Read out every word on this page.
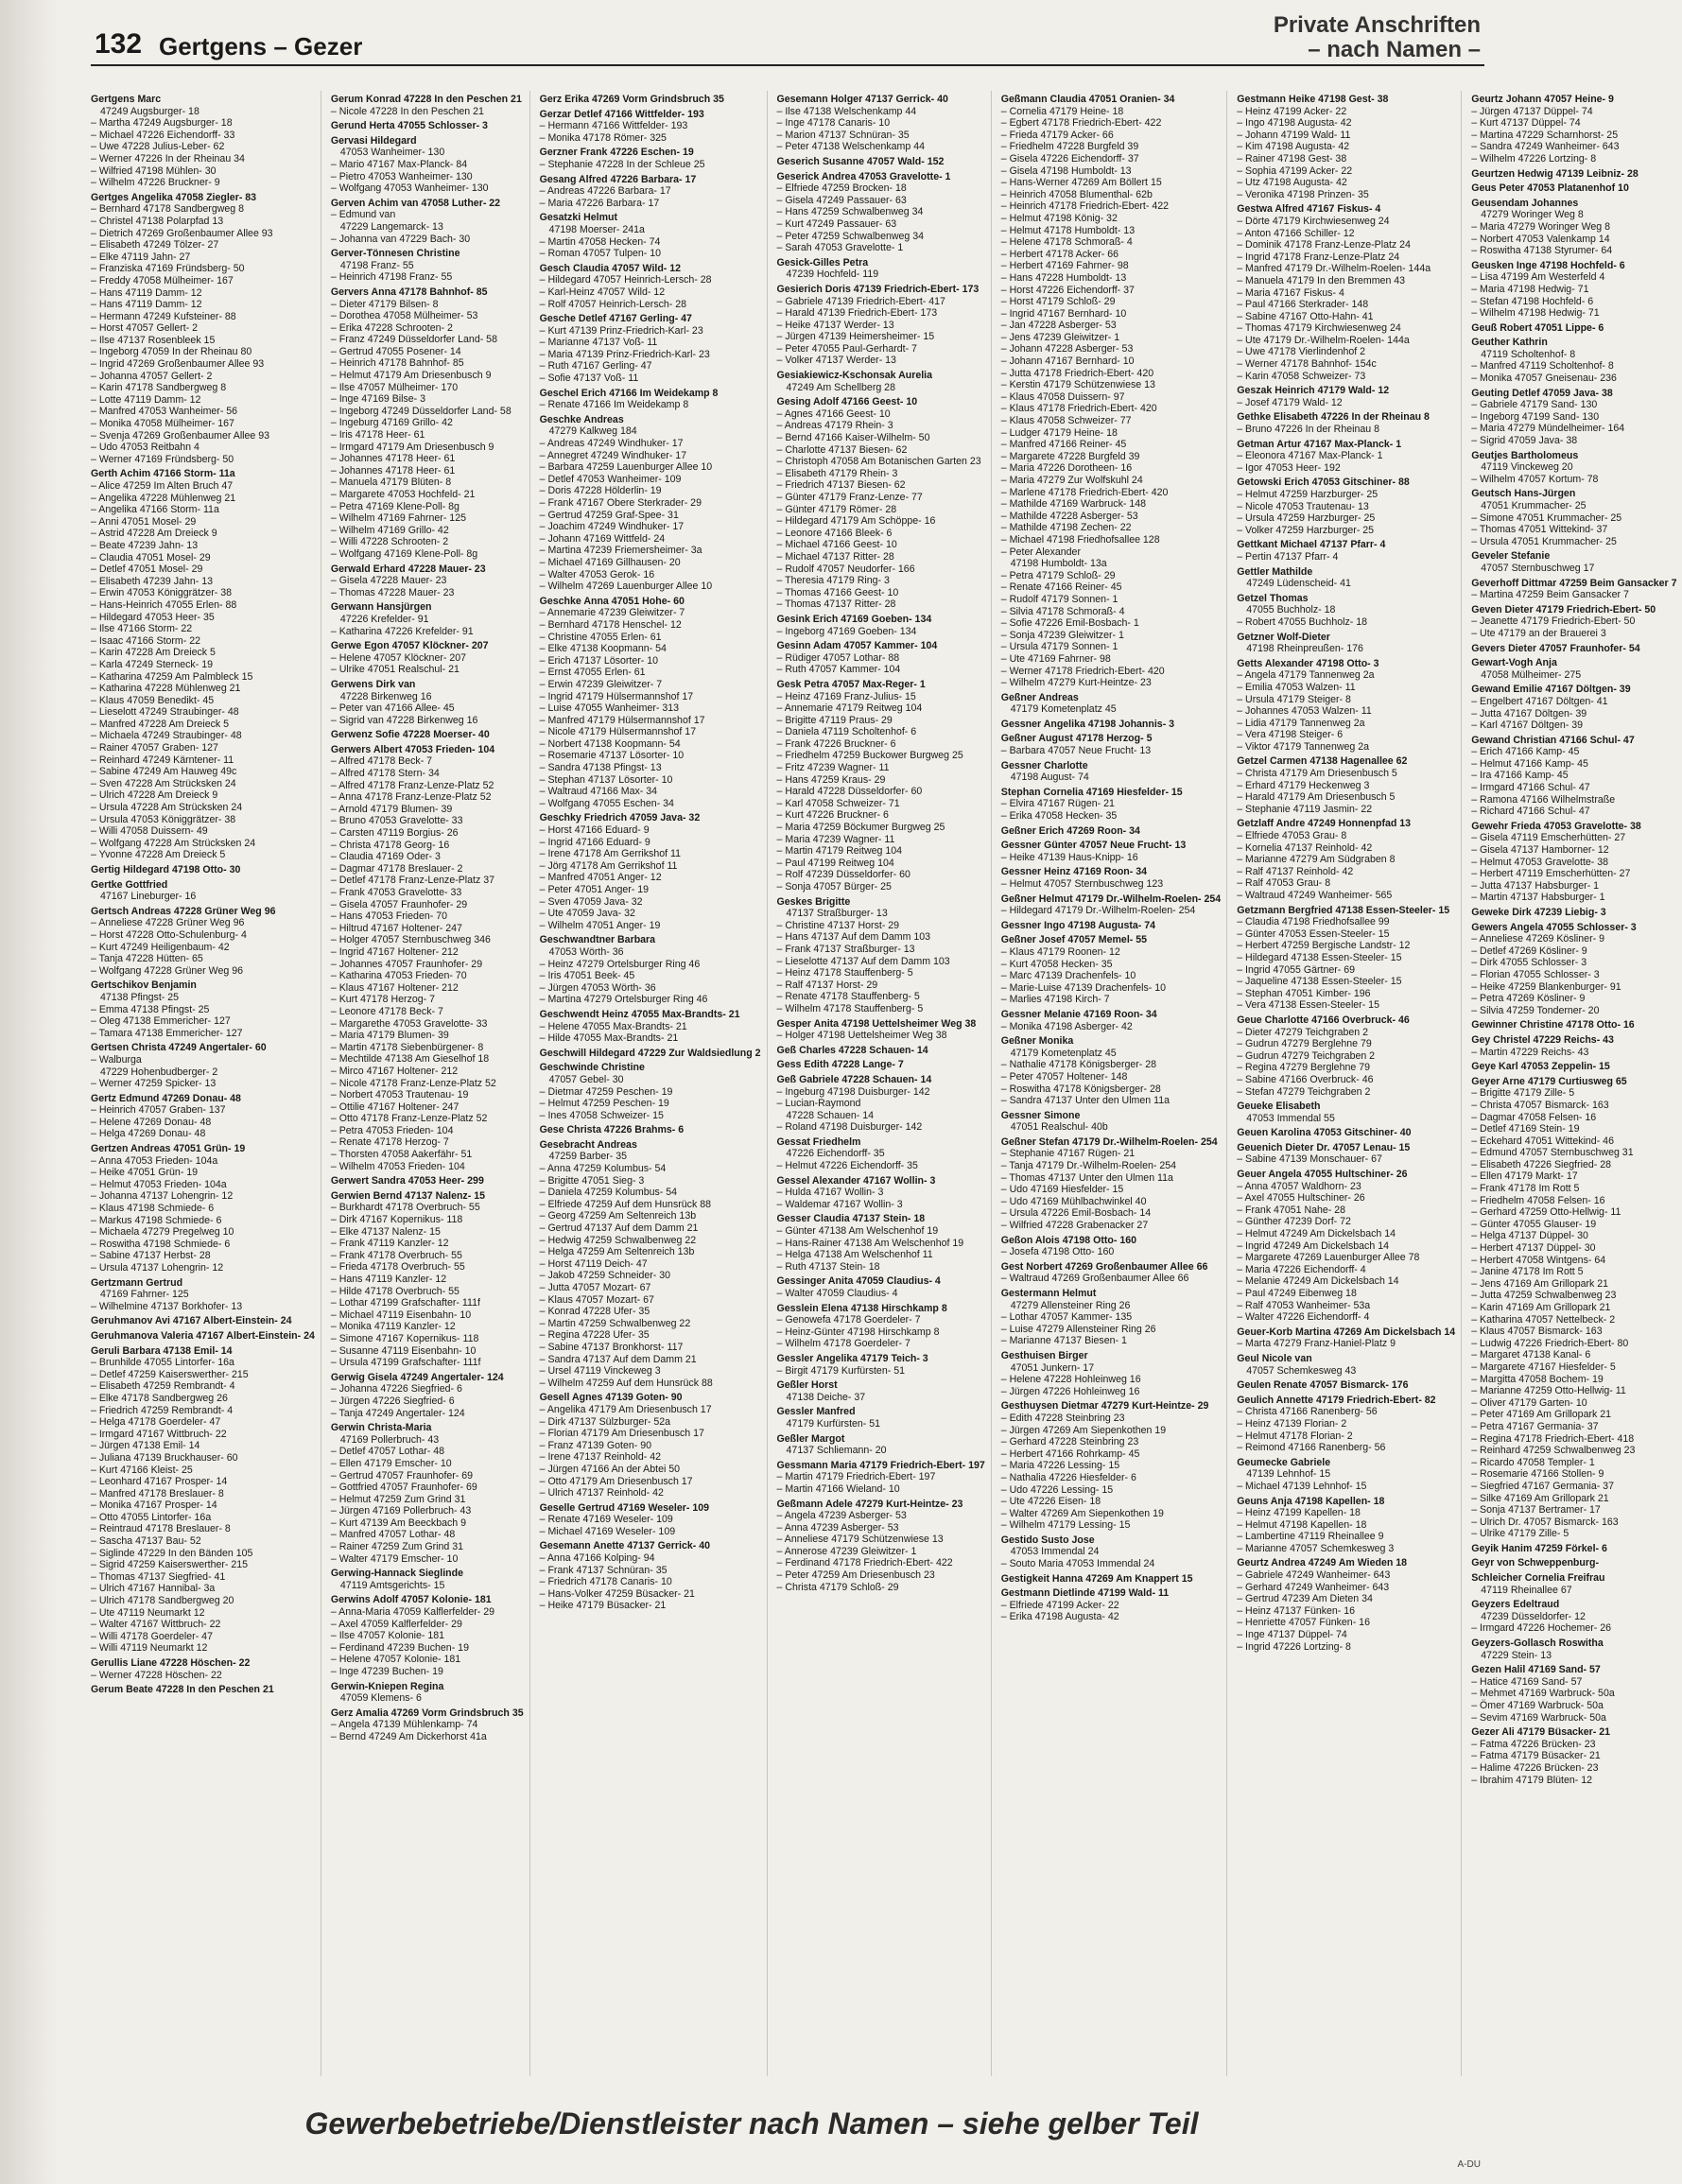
132 Gertgens – Gezer
Private Anschriften
– nach Namen –
Gertgens Marc
47249 Augsburger- 18
– Martha 47249 Augsburger- 18
– Michael 47226 Eichendorff- 33
– Uwe 47228 Julius-Leber- 62
– Werner 47226 In der Rheinau 34
– Wilfried 47198 Mühlen- 30
– Wilhelm 47226 Bruckner- 9
Gertges Angelika 47058 Ziegler- 83
– Bernhard 47178 Sandbergweg 8
– Christel 47138 Polarpfad 13
– Dietrich 47269 Großenbaumer Allee 93
– Elisabeth 47249 Tölzer- 27
– Elke 47119 Jahn- 27
– Franziska 47169 Fründsberg- 50
– Freddy 47058 Mülheimer- 167
– Hans 47119 Damm- 12
– Hans 47119 Damm- 12
– Hermann 47249 Kufsteiner- 88
– Horst 47057 Gellert- 2
– Ilse 47137 Rosenbleek 15
– Ingeborg 47059 In der Rheinau 80
– Ingrid 47269 Großenbaumer Allee 93
– Johanna 47057 Gellert- 2
– Karin 47178 Sandbergweg 8
– Lotte 47119 Damm- 12
– Manfred 47053 Wanheimer- 56
– Monika 47058 Mülheimer- 167
– Svenja 47269 Großenbaumer Allee 93
– Udo 47053 Reitbahn 4
– Werner 47169 Fründsberg- 50
Gerth Achim 47166 Storm- 11a
– Alice 47259 Im Alten Bruch 47
– Angelika 47228 Mühlenweg 21
– Angelika 47166 Storm- 11a
– Anni 47051 Mosel- 29
– Astrid 47228 Am Dreieck 9
– Beate 47239 Jahn- 13
– Claudia 47051 Mosel- 29
– Detlef 47051 Mosel- 29
– Elisabeth 47239 Jahn- 13
– Erwin 47053 Königgrätzer- 38
– Hans-Heinrich 47055 Erlen- 88
– Hildegard 47053 Heer- 35
– Ilse 47166 Storm- 22
– Isaac 47166 Storm- 22
– Karin 47228 Am Dreieck 5
– Karla 47249 Sterneck- 19
– Katharina 47259 Am Palmbleck 15
– Katharina 47228 Mühlenweg 21
– Klaus 47059 Benedikt- 45
– Lieselott 47249 Straubinger- 48
– Manfred 47228 Am Dreieck 5
– Michaela 47249 Straubinger- 48
– Rainer 47057 Graben- 127
– Reinhard 47249 Kärntener- 11
– Sabine 47249 Am Hauweg 49c
– Sven 47228 Am Strücksken 24
– Ulrich 47228 Am Dreieck 9
– Ursula 47228 Am Strücksken 24
– Ursula 47053 Königgrätzer- 38
– Willi 47058 Duissern- 49
– Wolfgang 47228 Am Strücksken 24
– Yvonne 47228 Am Dreieck 5
Gertig Hildegard 47198 Otto- 30
Gertke Gottfried
47167 Lineburger- 16
Gertsch Andreas 47228 Grüner Weg 96
– Anneliese 47228 Grüner Weg 96
– Horst 47228 Otto-Schulenburg- 4
– Kurt 47249 Heiligenbaum- 42
– Tanja 47228 Hütten- 65
– Wolfgang 47228 Grüner Weg 96
Gertschikov Benjamin
47138 Pfingst- 25
– Emma 47138 Pfingst- 25
– Oleg 47138 Emmericher- 127
– Tamara 47138 Emmericher- 127
Gertsen Christa 47249 Angertaler- 60
– Walburga
47229 Hohenbudberger- 2
– Werner 47259 Spicker- 13
Gertz Edmund 47269 Donau- 48
– Heinrich 47057 Graben- 137
– Helene 47269 Donau- 48
– Helga 47269 Donau- 48
Gertzen Andreas 47051 Grün- 19
– Anna 47053 Frieden- 104a
– Heike 47051 Grün- 19
– Helmut 47053 Frieden- 104a
– Johanna 47137 Lohengrin- 12
– Klaus 47198 Schmiede- 6
– Markus 47198 Schmiede- 6
– Michaela 47279 Pregelweg 10
– Roswitha 47198 Schmiede- 6
– Sabine 47137 Herbst- 28
– Ursula 47137 Lohengrin- 12
Gertzmann Gertrud
47169 Fahrner- 125
– Wilhelmine 47137 Borkhofer- 13
Geruhmanov Avi 47167 Albert-Einstein- 24
Geruhmanova Valeria 47167 Albert-Einstein- 24
Geruli Barbara 47138 Emil- 14
– Brunhilde 47055 Lintorfer- 16a
– Detlef 47259 Kaiserswerther- 215
– Elisabeth 47259 Rembrandt- 4
– Elke 47178 Sandbergweg 26
– Friedrich 47259 Rembrandt- 4
– Helga 47178 Goerdeler- 47
– Irmgard 47167 Wittbruch- 22
– Jürgen 47138 Emil- 14
– Juliana 47139 Bruckhauser- 60
– Kurt 47166 Kleist- 25
– Leonhard 47167 Prosper- 14
– Manfred 47178 Breslauer- 8
– Monika 47167 Prosper- 14
– Otto 47055 Lintorfer- 16a
– Reintraud 47178 Breslauer- 8
– Sascha 47137 Bau- 52
– Siglinde 47229 In den Bänden 105
– Sigrid 47259 Kaiserswerther- 215
– Thomas 47137 Siegfried- 41
– Ulrich 47167 Hannibal- 3a
– Ulrich 47178 Sandbergweg 20
– Ute 47119 Neumarkt 12
– Walter 47167 Wittbruch- 22
– Willi 47178 Goerdeler- 47
– Willi 47119 Neumarkt 12
Gerullis Liane 47228 Höschen- 22
– Werner 47228 Höschen- 22
Gerum Beate 47228 In den Peschen 21
Gerum Konrad 47228 In den Peschen 21
– Nicole 47228 In den Peschen 21
Gerund Herta 47055 Schlosser- 3
Gervasi Hildegard
47053 Wanheimer- 130
– Mario 47167 Max-Planck- 84
– Pietro 47053 Wanheimer- 130
– Wolfgang 47053 Wanheimer- 130
Gerven Achim van 47058 Luther- 22
– Edmund van
47229 Langemarck- 13
– Johanna van 47229 Bach- 30
Gerver-Tönnesen Christine
47198 Franz- 55
– Heinrich 47198 Franz- 55
Gervers Anna 47178 Bahnhof- 85
– Dieter 47179 Bilsen- 8
– Dorothea 47058 Mülheimer- 53
– Erika 47228 Schrooten- 2
– Franz 47249 Düsseldorfer Land- 58
– Gertrud 47055 Posener- 14
– Heinrich 47178 Bahnhof- 85
– Helmut 47179 Am Driesenbusch 9
– Ilse 47057 Mülheimer- 170
– Inge 47169 Bilse- 3
– Ingeborg 47249 Düsseldorfer Land- 58
– Ingeburg 47169 Grillo- 42
– Iris 47178 Heer- 61
– Irmgard 47179 Am Driesenbusch 9
– Johannes 47178 Heer- 61
– Johannes 47178 Heer- 61
– Manuela 47179 Blüten- 8
– Margarete 47053 Hochfeld- 21
– Petra 47169 Klene-Poll- 8g
– Wilhelm 47169 Fahrner- 125
– Wilhelm 47169 Grillo- 42
– Willi 47228 Schrooten- 2
– Wolfgang 47169 Klene-Poll- 8g
Gerwald Erhard 47228 Mauer- 23
– Gisela 47228 Mauer- 23
– Thomas 47228 Mauer- 23
Gerwann Hansjürgen
47226 Krefelder- 91
– Katharina 47226 Krefelder- 91
Gerwe Egon 47057 Klöckner- 207
– Helene 47057 Klöckner- 207
– Ulrike 47051 Realschul- 21
Gerwens Dirk van
47228 Birkenweg 16
– Peter van 47166 Allee- 45
– Sigrid van 47228 Birkenweg 16
Gerwenz Sofie 47228 Moerser- 40
Gerwers Albert 47053 Frieden- 104
– Alfred 47178 Beck- 7
– Alfred 47178 Stern- 34
– Alfred 47178 Franz-Lenze-Platz 52
– Anna 47178 Franz-Lenze-Platz 52
– Arnold 47179 Blumen- 39
– Bruno 47053 Gravelotte- 33
– Carsten 47119 Borgius- 26
– Christa 47178 Georg- 16
– Claudia 47169 Oder- 3
– Dagmar 47178 Breslauer- 2
– Detlef 47178 Franz-Lenze-Platz 37
– Frank 47053 Gravelotte- 33
– Gisela 47057 Fraunhofer- 29
– Hans 47053 Frieden- 70
– Hiltrud 47167 Holtener- 247
– Holger 47057 Sternbuschweg 346
– Ingrid 47167 Holtener- 212
– Johannes 47057 Fraunhofer- 29
– Katharina 47053 Frieden- 70
– Klaus 47167 Holtener- 212
– Kurt 47178 Herzog- 7
– Leonore 47178 Beck- 7
– Margarethe 47053 Gravelotte- 33
– Maria 47179 Blumen- 39
– Martin 47178 Siebenbürgener- 8
– Mechtilde 47138 Am Gieselhof 18
– Mirco 47167 Holtener- 212
– Nicole 47178 Franz-Lenze-Platz 52
– Norbert 47053 Trautenau- 19
– Ottilie 47167 Holtener- 247
– Otto 47178 Franz-Lenze-Platz 52
– Petra 47053 Frieden- 104
– Renate 47178 Herzog- 7
– Thorsten 47058 Aakerfähr- 51
– Wilhelm 47053 Frieden- 104
Gerwert Sandra 47053 Heer- 299
Gerwien Bernd 47137 Nalenz- 15
– Burkhardt 47178 Overbruch- 55
– Dirk 47167 Kopernikus- 118
– Elke 47137 Nalenz- 15
– Frank 47119 Kanzler- 12
– Frank 47178 Overbruch- 55
– Frieda 47178 Overbruch- 55
– Hans 47119 Kanzler- 12
– Hilde 47178 Overbruch- 55
– Lothar 47199 Grafschafter- 111f
– Michael 47119 Eisenbahn- 10
– Monika 47119 Kanzler- 12
– Simone 47167 Kopernikus- 118
– Susanne 47119 Eisenbahn- 10
– Ursula 47199 Grafschafter- 111f
Gerwig Gisela 47249 Angertaler- 124
– Johanna 47226 Siegfried- 6
– Jürgen 47226 Siegfried- 6
– Tanja 47249 Angertaler- 124
Gerwin Christa-Maria
47169 Pollerbruch- 43
– Detlef 47057 Lothar- 48
– Ellen 47179 Emscher- 10
– Gertrud 47057 Fraunhofer- 69
– Gottfried 47057 Fraunhofer- 69
– Helmut 47259 Zum Grind 31
– Jürgen 47169 Pollerbruch- 43
– Kurt 47139 Am Beeckbach 9
– Manfred 47057 Lothar- 48
– Rainer 47259 Zum Grind 31
– Walter 47179 Emscher- 10
Gerwing-Hannack Sieglinde
47119 Amtsgerichts- 15
Gerwins Adolf 47057 Kolonie- 181
– Anna-Maria 47059 Kalflerfelder- 29
– Axel 47059 Kalflerfelder- 29
– Ilse 47057 Kolonie- 181
– Ferdinand 47239 Buchen- 19
– Helene 47057 Kolonie- 181
– Inge 47239 Buchen- 19
Gerwin-Kniepen Regina
47059 Klemens- 6
Gerz Amalia 47269 Vorm Grindsbruch 35
– Angela 47139 Mühlenkamp- 74
– Bernd 47249 Am Dickerhorst 41a
Gerz Erika 47269 Vorm Grindsbruch 35
Gerzar Detlef 47166 Wittfelder- 193
– Hermann 47166 Wittfelder- 193
– Monika 47178 Römer- 325
Gerzner Frank 47226 Eschen- 19
– Stephanie 47228 In der Schleue 25
Gesang Alfred 47226 Barbara- 17
– Andreas 47226 Barbara- 17
– Maria 47226 Barbara- 17
Gesatzki Helmut
47198 Moerser- 241a
– Martin 47058 Hecken- 74
– Roman 47057 Tulpen- 10
Gesch Claudia 47057 Wild- 12
– Hildegard 47057 Heinrich-Lersch- 28
– Karl-Heinz 47057 Wild- 12
– Rolf 47057 Heinrich-Lersch- 28
Gesche Detlef 47167 Gerling- 47
– Kurt 47139 Prinz-Friedrich-Karl- 23
– Marianne 47137 Voß- 11
– Maria 47139 Prinz-Friedrich-Karl- 23
– Ruth 47167 Gerling- 47
– Sofie 47137 Voß- 11
Geschel Erich 47166 Im Weidekamp 8
– Renate 47166 Im Weidekamp 8
Geschke Andreas
47279 Kalkweg 184
– Andreas 47249 Windhuker- 17
– Annegret 47249 Windhuker- 17
– Barbara 47259 Lauenburger Allee 10
– Detlef 47053 Wanheimer- 109
– Doris 47228 Hölderlin- 19
– Frank 47167 Obere Sterkrader- 29
– Gertrud 47259 Graf-Spee- 31
– Joachim 47249 Windhuker- 17
– Johann 47169 Wittfeld- 24
– Martina 47239 Friemersheimer- 3a
– Michael 47169 Gillhausen- 20
– Walter 47053 Gerok- 16
– Wilhelm 47269 Lauenburger Allee 10
Geschke Anna 47051 Hohe- 60
– Annemarie 47239 Gleiwitzer- 7
– Bernhard 47178 Henschel- 12
– Christine 47055 Erlen- 61
– Elke 47138 Koopmann- 54
– Erich 47137 Lösorter- 10
– Ernst 47055 Erlen- 61
– Erwin 47239 Gleiwitzer- 7
– Ingrid 47179 Hülsermannshof 17
– Luise 47055 Wanheimer- 313
– Manfred 47179 Hülsermannshof 17
– Nicole 47179 Hülsermannshof 17
– Norbert 47138 Koopmann- 54
– Rosemarie 47137 Lösorter- 10
– Sandra 47138 Pfingst- 13
– Stephan 47137 Lösorter- 10
– Waltraud 47166 Max- 34
– Wolfgang 47055 Eschen- 34
Geschky Friedrich 47059 Java- 32
– Horst 47166 Eduard- 9
– Ingrid 47166 Eduard- 9
– Irene 47178 Am Gerrikshof 11
– Jörg 47178 Am Gerrikshof 11
– Manfred 47051 Anger- 12
– Peter 47051 Anger- 19
– Sven 47059 Java- 32
– Ute 47059 Java- 32
– Wilhelm 47051 Anger- 19
Geschwandtner Barbara
47053 Wörth- 36
– Heinz 47279 Ortelsburger Ring 46
– Iris 47051 Beek- 45
– Jürgen 47053 Wörth- 36
– Martina 47279 Ortelsburger Ring 46
Geschwendt Heinz 47055 Max-Brandts- 21
– Helene 47055 Max-Brandts- 21
– Hilde 47055 Max-Brandts- 21
Geschwill Hildegard 47229 Zur Waldsiedlung 2
Geschwinde Christine
47057 Gebel- 30
– Dietmar 47259 Peschen- 19
– Helmut 47259 Peschen- 19
– Ines 47058 Schweizer- 15
Gese Christa 47226 Brahms- 6
Gesebracht Andreas
47259 Barber- 35
– Anna 47259 Kolumbus- 54
– Brigitte 47051 Sieg- 3
– Daniela 47259 Kolumbus- 54
– Elfriede 47259 Auf dem Hunsrück 88
– Georg 47259 Am Seltenreich 13b
– Gertrud 47137 Auf dem Damm 21
– Hedwig 47259 Schwalbenweg 22
– Helga 47259 Am Seltenreich 13b
– Horst 47119 Deich- 47
– Jakob 47259 Schneider- 30
– Jutta 47057 Mozart- 67
– Klaus 47057 Mozart- 67
– Konrad 47228 Ufer- 35
– Martin 47259 Schwalbenweg 22
– Regina 47228 Ufer- 35
– Sabine 47137 Bronkhorst- 117
– Sandra 47137 Auf dem Damm 21
– Ursel 47119 Vinckeweg 3
– Wilhelm 47259 Auf dem Hunsrück 88
Gesell Agnes 47139 Goten- 90
– Angelika 47179 Am Driesenbusch 17
– Dirk 47137 Sülzburger- 52a
– Florian 47179 Am Driesenbusch 17
– Franz 47139 Goten- 90
– Irene 47137 Reinhold- 42
– Jürgen 47166 An der Abtei 50
– Otto 47179 Am Driesenbusch 17
– Ulrich 47137 Reinhold- 42
Geselle Gertrud 47169 Weseler- 109
– Renate 47169 Weseler- 109
– Michael 47169 Weseler- 109
Gesemann Anette 47137 Gerrick- 40
– Anna 47166 Kolping- 94
– Frank 47137 Schnüran- 35
– Friedrich 47178 Canaris- 10
– Hans-Volker 47259 Büsacker- 21
– Heike 47179 Büsacker- 21
Gesemann Holger 47137 Gerrick- 40
– Ilse 47138 Welschenkamp 44
– Inge 47178 Canaris- 10
– Marion 47137 Schnüran- 35
– Peter 47138 Welschenkamp 44
Geserich Susanne 47057 Wald- 152
Geserick Andrea 47053 Gravelotte- 1
– Elfriede 47259 Brocken- 18
– Gisela 47249 Passauer- 63
– Hans 47259 Schwalbenweg 34
– Kurt 47249 Passauer- 63
– Peter 47259 Schwalbenweg 34
– Sarah 47053 Gravelotte- 1
Gesick-Gilles Petra
47239 Hochfeld- 119
Gesierich Doris 47139 Friedrich-Ebert- 173
– Gabriele 47139 Friedrich-Ebert- 417
– Harald 47139 Friedrich-Ebert- 173
– Heike 47137 Werder- 13
– Jürgen 47139 Heimersheimer- 15
– Peter 47055 Paul-Gerhardt- 7
– Volker 47137 Werder- 13
Gesiakiewicz-Kschonsak Aurelia
47249 Am Schellberg 28
Gesing Adolf 47166 Geest- 10
– Agnes 47166 Geest- 10
– Andreas 47179 Rhein- 3
– Bernd 47166 Kaiser-Wilhelm- 50
– Charlotte 47137 Biesen- 62
– Christoph 47058 Am Botanischen Garten 23
– Elisabeth 47179 Rhein- 3
– Friedrich 47137 Biesen- 62
– Günter 47179 Franz-Lenze- 77
– Günter 47179 Römer- 28
– Hildegard 47179 Am Schöppe- 16
– Leonore 47166 Bleek- 6
– Michael 47166 Geest- 10
– Michael 47137 Ritter- 28
– Rudolf 47057 Neudorfer- 166
– Theresia 47179 Ring- 3
– Thomas 47166 Geest- 10
– Thomas 47137 Ritter- 28
Gesink Erich 47169 Goeben- 134
– Ingeborg 47169 Goeben- 134
Gesinn Adam 47057 Kammer- 104
– Rüdiger 47057 Lothar- 88
– Ruth 47057 Kammer- 104
Gesk Petra 47057 Max-Reger- 1
– Heinz 47169 Franz-Julius- 15
– Annemarie 47179 Reitweg 104
– Brigitte 47119 Praus- 29
– Daniela 47119 Scholtenhof- 6
– Frank 47226 Bruckner- 6
– Friedhelm 47259 Buckower Burgweg 25
– Fritz 47239 Wagner- 11
– Hans 47259 Kraus- 29
– Harald 47228 Düsseldorfer- 60
– Karl 47058 Schweizer- 71
– Kurt 47226 Bruckner- 6
– Maria 47259 Böckumer Burgweg 25
– Maria 47239 Wagner- 11
– Martin 47179 Reitweg 104
– Paul 47199 Reitweg 104
– Rolf 47239 Düsseldorfer- 60
– Sonja 47057 Bürger- 25
Geskes Brigitte
47137 Straßburger- 13
– Christine 47137 Horst- 29
– Hans 47137 Auf dem Damm 103
– Frank 47137 Straßburger- 13
– Lieselotte 47137 Auf dem Damm 103
– Heinz 47178 Stauffenberg- 5
– Ralf 47137 Horst- 29
– Renate 47178 Stauffenberg- 5
– Wilhelm 47178 Stauffenberg- 5
Gesper Anita 47198 Uettelsheimer Weg 38
– Holger 47198 Uettelsheimer Weg 38
Geß Charles 47228 Schauen- 14
Gess Edith 47228 Lange- 7
Geß Gabriele 47228 Schauen- 14
– Ingeburg 47198 Duisburger- 142
– Lucian-Raymond
47228 Schauen- 14
– Roland 47198 Duisburger- 142
Gessat Friedhelm
47226 Eichendorff- 35
– Helmut 47226 Eichendorff- 35
Gessel Alexander 47167 Wollin- 3
– Hulda 47167 Wollin- 3
– Waldemar 47167 Wollin- 3
Gesser Claudia 47137 Stein- 18
– Günter 47138 Am Welschenhof 19
– Hans-Rainer 47138 Am Welschenhof 19
– Helga 47138 Am Welschenhof 11
– Ruth 47137 Stein- 18
Gessinger Anita 47059 Claudius- 4
– Walter 47059 Claudius- 4
Gesslein Elena 47138 Hirschkamp 8
– Genowefa 47178 Goerdeler- 7
– Heinz-Günter 47198 Hirschkamp 8
– Wilhelm 47178 Goerdeler- 7
Gessler Angelika 47179 Teich- 3
– Birgit 47179 Kurfürsten- 51
Geßler Horst
47138 Deiche- 37
Gessler Manfred
47179 Kurfürsten- 51
Geßler Margot
47137 Schliemann- 20
Gessmann Maria 47179 Friedrich-Ebert- 197
– Martin 47179 Friedrich-Ebert- 197
– Martin 47166 Wieland- 10
Geßmann Adele 47279 Kurt-Heintze- 23
– Angela 47239 Asberger- 53
– Anna 47239 Asberger- 53
– Anneliese 47179 Schützenwiese 13
– Annerose 47239 Gleiwitzer- 1
– Ferdinand 47178 Friedrich-Ebert- 422
– Peter 47259 Am Driesenbusch 23
– Christa 47179 Schloß- 29
Geßmann Claudia 47051 Oranien- 34
– Cornelia 47179 Heine- 18
– Egbert 47178 Friedrich-Ebert- 422
– Frieda 47179 Acker- 66
– Friedhelm 47228 Burgfeld 39
– Gisela 47226 Eichendorff- 37
– Gisela 47198 Humboldt- 13
– Hans-Werner 47269 Am Böllert 15
– Heinrich 47058 Blumenthal- 62b
– Heinrich 47178 Friedrich-Ebert- 422
– Helmut 47198 König- 32
– Helmut 47178 Humboldt- 13
– Helene 47178 Schmoraß- 4
– Herbert 47178 Acker- 66
– Herbert 47169 Fahrner- 98
– Hans 47228 Humboldt- 13
– Horst 47226 Eichendorff- 37
– Horst 47179 Schloß- 29
– Ingrid 47167 Bernhard- 10
– Jan 47228 Asberger- 53
– Jens 47239 Gleiwitzer- 1
– Johann 47228 Asberger- 53
– Johann 47167 Bernhard- 10
– Jutta 47178 Friedrich-Ebert- 420
– Kerstin 47179 Schützenwiese 13
– Klaus 47058 Duissern- 97
– Klaus 47178 Friedrich-Ebert- 420
– Klaus 47058 Schweizer- 77
– Ludger 47179 Heine- 18
– Manfred 47166 Reiner- 45
– Margarete 47228 Burgfeld 39
– Maria 47226 Dorotheen- 16
– Maria 47279 Zur Wolfskuhl 24
– Marlene 47178 Friedrich-Ebert- 420
– Mathilde 47169 Warbruck- 148
– Mathilde 47228 Asberger- 53
– Mathilde 47198 Zechen- 22
– Michael 47198 Friedhofsallee 128
– Peter Alexander
47198 Humboldt- 13a
– Petra 47179 Schloß- 29
– Renate 47166 Reiner- 45
– Rudolf 47179 Sonnen- 1
– Silvia 47178 Schmoraß- 4
– Sofie 47226 Emil-Bosbach- 1
– Sonja 47239 Gleiwitzer- 1
– Ursula 47179 Sonnen- 1
– Ute 47169 Fahrner- 98
– Werner 47178 Friedrich-Ebert- 420
– Wilhelm 47279 Kurt-Heintze- 23
Geßner Andreas
47179 Kometenplatz 45
Gessner Angelika 47198 Johannis- 3
Geßner August 47178 Herzog- 5
– Barbara 47057 Neue Frucht- 13
Gessner Charlotte
47198 August- 74
Stephan Cornelia 47169 Hiesfelder- 15
– Elvira 47167 Rügen- 21
– Erika 47058 Hecken- 35
Geßner Erich 47269 Roon- 34
Gessner Günter 47057 Neue Frucht- 13
– Heike 47139 Haus-Knipp- 16
Gessner Heinz 47169 Roon- 34
– Helmut 47057 Sternbuschweg 123
Geßner Helmut 47179 Dr.-Wilhelm-Roelen- 254
– Hildegard 47179 Dr.-Wilhelm-Roelen- 254
Gessner Ingo 47198 Augusta- 74
Geßner Josef 47057 Memel- 55
– Klaus 47179 Roonen- 12
– Kurt 47058 Hecken- 35
– Marc 47139 Drachenfels- 10
– Marie-Luise 47139 Drachenfels- 10
– Marlies 47198 Kirch- 7
Gessner Melanie 47169 Roon- 34
– Monika 47198 Asberger- 42
Geßner Monika
47179 Kometenplatz 45
– Nathalie 47178 Königsberger- 28
– Peter 47057 Holtener- 148
– Roswitha 47178 Königsberger- 28
– Sandra 47137 Unter den Ulmen 11a
Gessner Simone
47051 Realschul- 40b
Geßner Stefan 47179 Dr.-Wilhelm-Roelen- 254
– Stephanie 47167 Rügen- 21
– Tanja 47179 Dr.-Wilhelm-Roelen- 254
– Thomas 47137 Unter den Ulmen 11a
– Udo 47169 Hiesfelder- 15
– Udo 47169 Mühlbachwinkel 40
– Ursula 47226 Emil-Bosbach- 14
– Wilfried 47228 Grabenacker 27
Geßon Alois 47198 Otto- 160
– Josefa 47198 Otto- 160
Gest Norbert 47269 Großenbaumer Allee 66
– Waltraud 47269 Großenbaumer Allee 66
Gestermann Helmut
47279 Allensteiner Ring 26
– Lothar 47057 Kammer- 135
– Luise 47279 Allensteiner Ring 26
– Marianne 47137 Biesen- 1
Gesthuisen Birger
47051 Junkern- 17
– Helene 47228 Hohleinweg 16
– Jürgen 47226 Hohleinweg 16
Gesthuysen Dietmar 47279 Kurt-Heintze- 29
– Edith 47228 Steinbring 23
– Jürgen 47269 Am Siepenkothen 19
– Gerhard 47228 Steinbring 23
– Herbert 47166 Rohrkamp- 45
– Maria 47226 Lessing- 15
– Nathalia 47226 Hiesfelder- 6
– Udo 47226 Lessing- 15
– Ute 47226 Eisen- 18
– Walter 47269 Am Siepenkothen 19
– Wilhelm 47179 Lessing- 15
Gestido Susto Jose
47053 Immendal 24
– Souto Maria 47053 Immendal 24
Gestigkeit Hanna 47269 Am Knappert 15
Gestmann Dietlinde 47199 Wald- 11
– Elfriede 47199 Acker- 22
– Erika 47198 Augusta- 42
Gestmann Heike 47198 Gest- 38
– Heinz 47199 Acker- 22
– Ingo 47198 Augusta- 42
– Johann 47199 Wald- 11
– Kim 47198 Augusta- 42
– Rainer 47198 Gest- 38
– Sophia 47199 Acker- 22
– Utz 47198 Augusta- 42
– Veronika 47198 Prinzen- 35
Gestwa Alfred 47167 Fiskus- 4
– Dörte 47179 Kirchwiesenweg 24
– Anton 47166 Schiller- 12
– Dominik 47178 Franz-Lenze-Platz 24
– Ingrid 47178 Franz-Lenze-Platz 24
– Manfred 47179 Dr.-Wilhelm-Roelen- 144a
– Manuela 47179 In den Bremmen 43
– Maria 47167 Fiskus- 4
– Paul 47166 Sterkrader- 148
– Sabine 47167 Otto-Hahn- 41
– Thomas 47179 Kirchwiesenweg 24
– Ute 47179 Dr.-Wilhelm-Roelen- 144a
– Uwe 47178 Vierlindenhof 2
– Werner 47178 Bahnhof- 154c
– Karin 47058 Schweizer- 73
Geszak Heinrich 47179 Wald- 12
– Josef 47179 Wald- 12
Gethke Elisabeth 47226 In der Rheinau 8
– Bruno 47226 In der Rheinau 8
Getman Artur 47167 Max-Planck- 1
– Eleonora 47167 Max-Planck- 1
– Igor 47053 Heer- 192
Getowski Erich 47053 Gitschiner- 88
– Helmut 47259 Harzburger- 25
– Nicole 47053 Trautenau- 13
– Ursula 47259 Harzburger- 25
– Volker 47259 Harzburger- 25
Gettkant Michael 47137 Pfarr- 4
– Pertin 47137 Pfarr- 4
Gettler Mathilde
47249 Lüdenscheid- 41
Getzel Thomas
47055 Buchholz- 18
– Robert 47055 Buchholz- 18
Getzner Wolf-Dieter
47198 Rheinpreußen- 176
Getts Alexander 47198 Otto- 3
– Angela 47179 Tannenweg 2a
– Emilia 47053 Walzen- 11
– Ursula 47179 Steiger- 8
– Johannes 47053 Walzen- 11
– Lidia 47179 Tannenweg 2a
– Vera 47198 Steiger- 6
– Viktor 47179 Tannenweg 2a
Getzel Carmen 47138 Hagenallee 62
– Christa 47179 Am Driesenbusch 5
– Erhard 47179 Heckenweg 3
– Harald 47179 Am Driesenbusch 5
– Stephanie 47119 Jasmin- 22
Getzlaff Andre 47249 Honnenpfad 13
– Elfriede 47053 Grau- 8
– Kornelia 47137 Reinhold- 42
– Marianne 47279 Am Südgraben 8
– Ralf 47137 Reinhold- 42
– Ralf 47053 Grau- 8
– Waltraud 47249 Wanheimer- 565
Getzmann Bergfried 47138 Essen-Steeler- 15
– Claudia 47198 Friedhofsallee 99
– Günter 47053 Essen-Steeler- 15
– Herbert 47259 Bergische Landstr- 12
– Hildegard 47138 Essen-Steeler- 15
– Ingrid 47055 Gärtner- 69
– Jaqueline 47138 Essen-Steeler- 15
– Stephan 47051 Kimber- 196
– Vera 47138 Essen-Steeler- 15
Geue Charlotte 47166 Overbruck- 46
– Dieter 47279 Teichgraben 2
– Gudrun 47279 Berglehne 79
– Gudrun 47279 Teichgraben 2
– Regina 47279 Berglehne 79
– Sabine 47166 Overbruck- 46
– Stefan 47279 Teichgraben 2
Geueke Elisabeth
47053 Immendal 55
Geuen Karolina 47053 Gitschiner- 40
Geuenich Dieter Dr. 47057 Lenau- 15
– Sabine 47139 Monschauer- 67
Geuer Angela 47055 Hultschiner- 26
– Anna 47057 Waldhorn- 23
– Axel 47055 Hultschiner- 26
– Frank 47051 Nahe- 28
– Günther 47239 Dorf- 72
– Helmut 47249 Am Dickelsbach 14
– Ingrid 47249 Am Dickelsbach 14
– Margarete 47269 Lauenburger Allee 78
– Maria 47226 Eichendorff- 4
– Melanie 47249 Am Dickelsbach 14
– Paul 47249 Eibenweg 18
– Ralf 47053 Wanheimer- 53a
– Walter 47226 Eichendorff- 4
Geuer-Korb Martina 47269 Am Dickelsbach 14
– Marta 47279 Franz-Haniel-Platz 9
Geul Nicole van
47057 Schemkesweg 43
Geulen Renate 47057 Bismarck- 176
Geulich Annette 47179 Friedrich-Ebert- 82
– Christa 47166 Ranenberg- 56
– Heinz 47139 Florian- 2
– Helmut 47178 Florian- 2
– Reimond 47166 Ranenberg- 56
Geumecke Gabriele
47139 Lehnhof- 15
– Michael 47139 Lehnhof- 15
Geuns Anja 47198 Kapellen- 18
– Heinz 47199 Kapellen- 18
– Helmut 47198 Kapellen- 18
– Lambertine 47119 Rheinallee 9
– Marianne 47057 Schemkesweg 3
Geurtz Andrea 47249 Am Wieden 18
– Gabriele 47249 Wanheimer- 643
– Gerhard 47249 Wanheimer- 643
– Gertrud 47239 Am Dieten 34
– Heinz 47137 Fünken- 16
– Henriette 47057 Fünken- 16
– Inge 47137 Düppel- 74
– Ingrid 47226 Lortzing- 8
Geurtz Johann 47057 Heine- 9
– Jürgen 47137 Düppel- 74
– Kurt 47137 Düppel- 74
– Martina 47229 Scharnhorst- 25
– Sandra 47249 Wanheimer- 643
– Wilhelm 47226 Lortzing- 8
Geurtzen Hedwig 47139 Leibniz- 28
Geus Peter 47053 Platanenhof 10
Geusendam Johannes
47279 Woringer Weg 8
– Maria 47279 Woringer Weg 8
– Norbert 47053 Valenkamp 14
– Roswitha 47138 Styrumer- 64
Geusken Inge 47198 Hochfeld- 6
– Lisa 47199 Am Westerfeld 4
– Maria 47198 Hedwig- 71
– Stefan 47198 Hochfeld- 6
– Wilhelm 47198 Hedwig- 71
Geuß Robert 47051 Lippe- 6
Geuther Kathrin
47119 Scholtenhof- 8
– Manfred 47119 Scholtenhof- 8
– Monika 47057 Gneisenau- 236
Geuting Detlef 47059 Java- 38
– Gabriele 47179 Sand- 130
– Ingeborg 47199 Sand- 130
– Maria 47279 Mündelheimer- 164
– Sigrid 47059 Java- 38
Geutjes Bartholomeus
47119 Vinckeweg 20
– Wilhelm 47057 Kortum- 78
Geutsch Hans-Jürgen
47051 Krummacher- 25
– Simone 47051 Krummacher- 25
– Thomas 47051 Wittekind- 37
– Ursula 47051 Krummacher- 25
Geveler Stefanie
47057 Sternbuschweg 17
Geverhoff Dittmar 47259 Beim Gansacker 7
– Martina 47259 Beim Gansacker 7
Geven Dieter 47179 Friedrich-Ebert- 50
– Jeanette 47179 Friedrich-Ebert- 50
– Ute 47179 an der Brauerei 3
Gevers Dieter 47057 Fraunhofer- 54
Gewart-Vogh Anja
47058 Mülheimer- 275
Gewand Emilie 47167 Döltgen- 39
– Engelbert 47167 Döltgen- 41
– Jutta 47167 Döltgen- 39
– Karl 47167 Döltgen- 39
Gewand Christian 47166 Schul- 47
– Erich 47166 Kamp- 45
– Helmut 47166 Kamp- 45
– Ira 47166 Kamp- 45
– Irmgard 47166 Schul- 47
– Ramona 47166 Wilhelmstraße
– Richard 47166 Schul- 47
Gewehr Frieda 47053 Gravelotte- 38
– Gisela 47119 Emscherhütten- 27
– Gisela 47137 Hamborner- 12
– Helmut 47053 Gravelotte- 38
– Herbert 47119 Emscherhütten- 27
– Jutta 47137 Habsburger- 1
– Martin 47137 Habsburger- 1
Geweke Dirk 47239 Liebig- 3
Gewers Angela 47055 Schlosser- 3
– Anneliese 47269 Kösliner- 9
– Detlef 47269 Kösliner- 9
– Dirk 47055 Schlosser- 3
– Florian 47055 Schlosser- 3
– Heike 47259 Blankenburger- 91
– Petra 47269 Kösliner- 9
– Silvia 47259 Tonderner- 20
Gewinner Christine 47178 Otto- 16
Gey Christel 47229 Reichs- 43
– Martin 47229 Reichs- 43
Geye Karl 47053 Zeppelin- 15
Geyer Arne 47179 Curtiusweg 65
– Brigitte 47179 Zille- 5
– Christa 47057 Bismarck- 163
– Dagmar 47058 Felsen- 16
– Detlef 47169 Stein- 19
– Eckehard 47051 Wittekind- 46
– Edmund 47057 Sternbuschweg 31
– Elisabeth 47226 Siegfried- 28
– Ellen 47179 Markt- 17
– Frank 47178 Im Rott 5
– Friedhelm 47058 Felsen- 16
– Gerhard 47259 Otto-Hellwig- 11
– Günter 47055 Glauser- 19
– Helga 47137 Düppel- 30
– Herbert 47137 Düppel- 30
– Herbert 47058 Wintgens- 64
– Janine 47178 Im Rott 5
– Jens 47169 Am Grillopark 21
– Jutta 47259 Schwalbenweg 23
– Karin 47169 Am Grillopark 21
– Katharina 47057 Nettelbeck- 2
– Klaus 47057 Bismarck- 163
– Ludwig 47226 Friedrich-Ebert- 80
– Margaret 47138 Kanal- 6
– Margarete 47167 Hiesfelder- 5
– Margitta 47058 Bochem- 19
– Marianne 47259 Otto-Hellwig- 11
– Oliver 47179 Garten- 10
– Peter 47169 Am Grillopark 21
– Petra 47167 Germania- 37
– Regina 47178 Friedrich-Ebert- 418
– Reinhard 47259 Schwalbenweg 23
– Ricardo 47058 Templer- 1
– Rosemarie 47166 Stollen- 9
– Siegfried 47167 Germania- 37
– Silke 47169 Am Grillopark 21
– Sonja 47137 Bertramer- 17
– Ulrich Dr. 47057 Bismarck- 163
– Ulrike 47179 Zille- 5
Geyik Hanim 47259 Förkel- 6
Geyr von Schweppenburg-
Schleicher Cornelia Freifrau
47119 Rheinallee 67
Geyzers Edeltraud
47239 Düsseldorfer- 12
– Irmgard 47226 Hochemer- 26
Geyzers-Gollasch Roswitha
47229 Stein- 13
Gezen Halil 47169 Sand- 57
– Hatice 47169 Sand- 57
– Mehmet 47169 Warbruck- 50a
– Ömer 47169 Warbruck- 50a
– Sevim 47169 Warbruck- 50a
Gezer Ali 47179 Büsacker- 21
– Fatma 47226 Brücken- 23
– Fatma 47179 Büsacker- 21
– Halime 47226 Brücken- 23
– Ibrahim 47179 Blüten- 12
Gewerbebetriebe/Dienstleister nach Namen – siehe gelber Teil
A-DU
